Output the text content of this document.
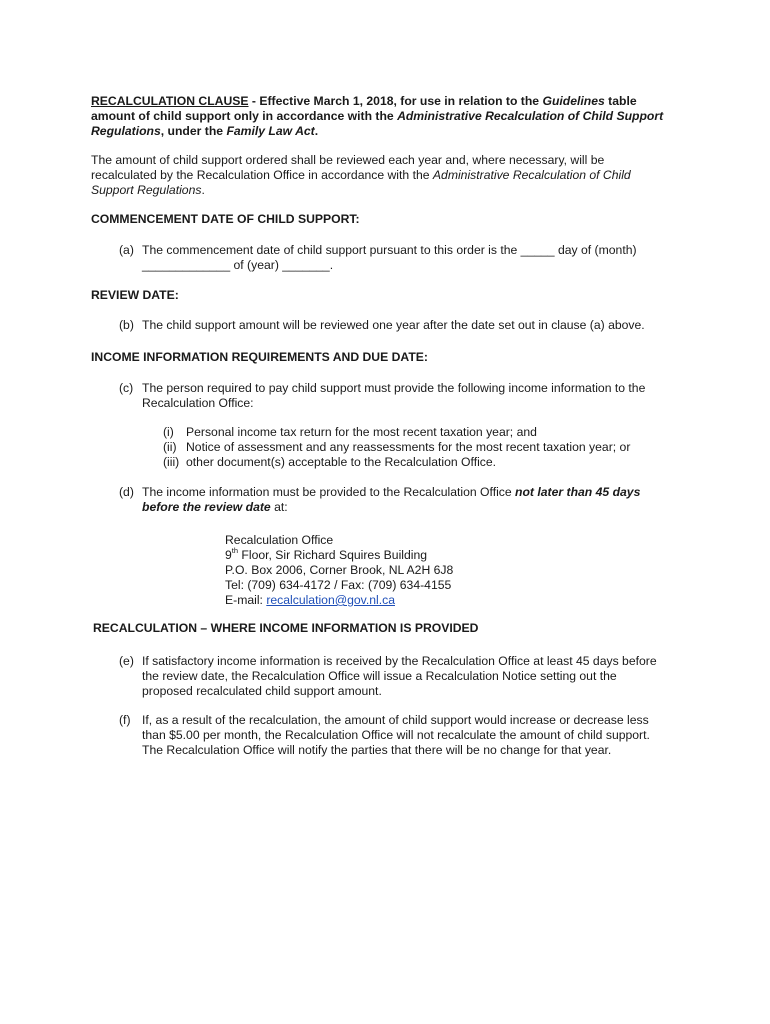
RECALCULATION CLAUSE - Effective March 1, 2018, for use in relation to the Guidelines table amount of child support only in accordance with the Administrative Recalculation of Child Support Regulations, under the Family Law Act.

The amount of child support ordered shall be reviewed each year and, where necessary, will be recalculated by the Recalculation Office in accordance with the Administrative Recalculation of Child Support Regulations.

COMMENCEMENT DATE OF CHILD SUPPORT:
(a) The commencement date of child support pursuant to this order is the _____ day of (month)
_____________ of (year) _______.
REVIEW DATE:
(b) The child support amount will be reviewed one year after the date set out in clause (a) above.
INCOME INFORMATION REQUIREMENTS AND DUE DATE:
(c) The person required to pay child support must provide the following income information to the Recalculation Office:
(i) Personal income tax return for the most recent taxation year; and
(ii) Notice of assessment and any reassessments for the most recent taxation year; or
(iii) other document(s) acceptable to the Recalculation Office.
(d) The income information must be provided to the Recalculation Office not later than 45 days before the review date at:
Recalculation Office
9th Floor, Sir Richard Squires Building
P.O. Box 2006, Corner Brook, NL A2H 6J8
Tel: (709) 634-4172 / Fax: (709) 634-4155
E-mail: recalculation@gov.nl.ca
RECALCULATION – WHERE INCOME INFORMATION IS PROVIDED
(e) If satisfactory income information is received by the Recalculation Office at least 45 days before the review date, the Recalculation Office will issue a Recalculation Notice setting out the proposed recalculated child support amount.
(f) If, as a result of the recalculation, the amount of child support would increase or decrease less than $5.00 per month, the Recalculation Office will not recalculate the amount of child support. The Recalculation Office will notify the parties that there will be no change for that year.
